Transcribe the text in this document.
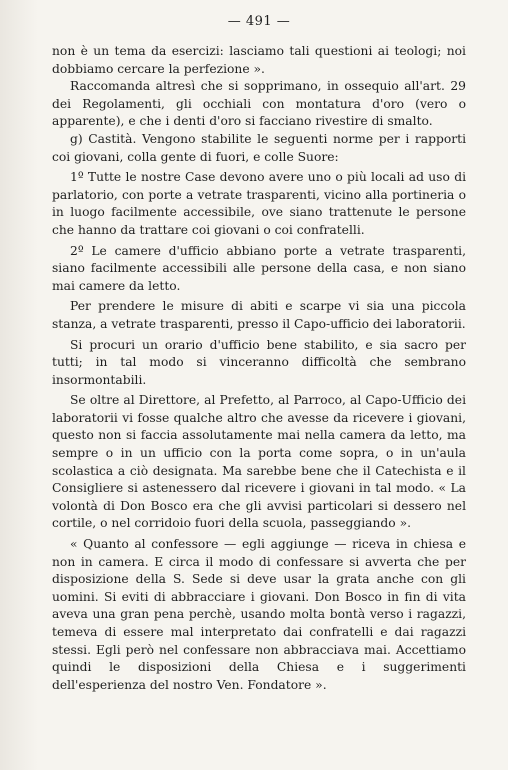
— 491 —

non è un tema da esercizi: lasciamo tali questioni ai teologi; noi dobbiamo cercare la perfezione ».

Raccomanda altresì che si sopprimano, in ossequio all'art. 29 dei Regolamenti, gli occhiali con montatura d'oro (vero o apparente), e che i denti d'oro si facciano rivestire di smalto.

g) Castità. Vengono stabilite le seguenti norme per i rapporti coi giovani, colla gente di fuori, e colle Suore:

1º Tutte le nostre Case devono avere uno o più locali ad uso di parlatorio, con porte a vetrate trasparenti, vicino alla portineria o in luogo facilmente accessibile, ove siano trattenute le persone che hanno da trattare coi giovani o coi confratelli.

2º Le camere d'ufficio abbiano porte a vetrate trasparenti, siano facilmente accessibili alle persone della casa, e non siano mai camere da letto.

Per prendere le misure di abiti e scarpe vi sia una piccola stanza, a vetrate trasparenti, presso il Capo-ufficio dei laboratorii.

Si procuri un orario d'ufficio bene stabilito, e sia sacro per tutti; in tal modo si vinceranno difficoltà che sembrano insormontabili.

Se oltre al Direttore, al Prefetto, al Parroco, al Capo-Ufficio dei laboratorii vi fosse qualche altro che avesse da ricevere i giovani, questo non si faccia assolutamente mai nella camera da letto, ma sempre o in un ufficio con la porta come sopra, o in un'aula scolastica a ciò designata. Ma sarebbe bene che il Catechista e il Consigliere si astenessero dal ricevere i giovani in tal modo. « La volontà di Don Bosco era che gli avvisi particolari si dessero nel cortile, o nel corridoio fuori della scuola, passeggiando ».

« Quanto al confessore — egli aggiunge — riceva in chiesa e non in camera. E circa il modo di confessare si avverta che per disposizione della S. Sede si deve usar la grata anche con gli uomini. Si eviti di abbracciare i giovani. Don Bosco in fin di vita aveva una gran pena perchè, usando molta bontà verso i ragazzi, temeva di essere mal interpretato dai confratelli e dai ragazzi stessi. Egli però nel confessare non abbracciava mai. Accettiamo quindi le disposizioni della Chiesa e i suggerimenti dell'esperienza del nostro Ven. Fondatore ».
